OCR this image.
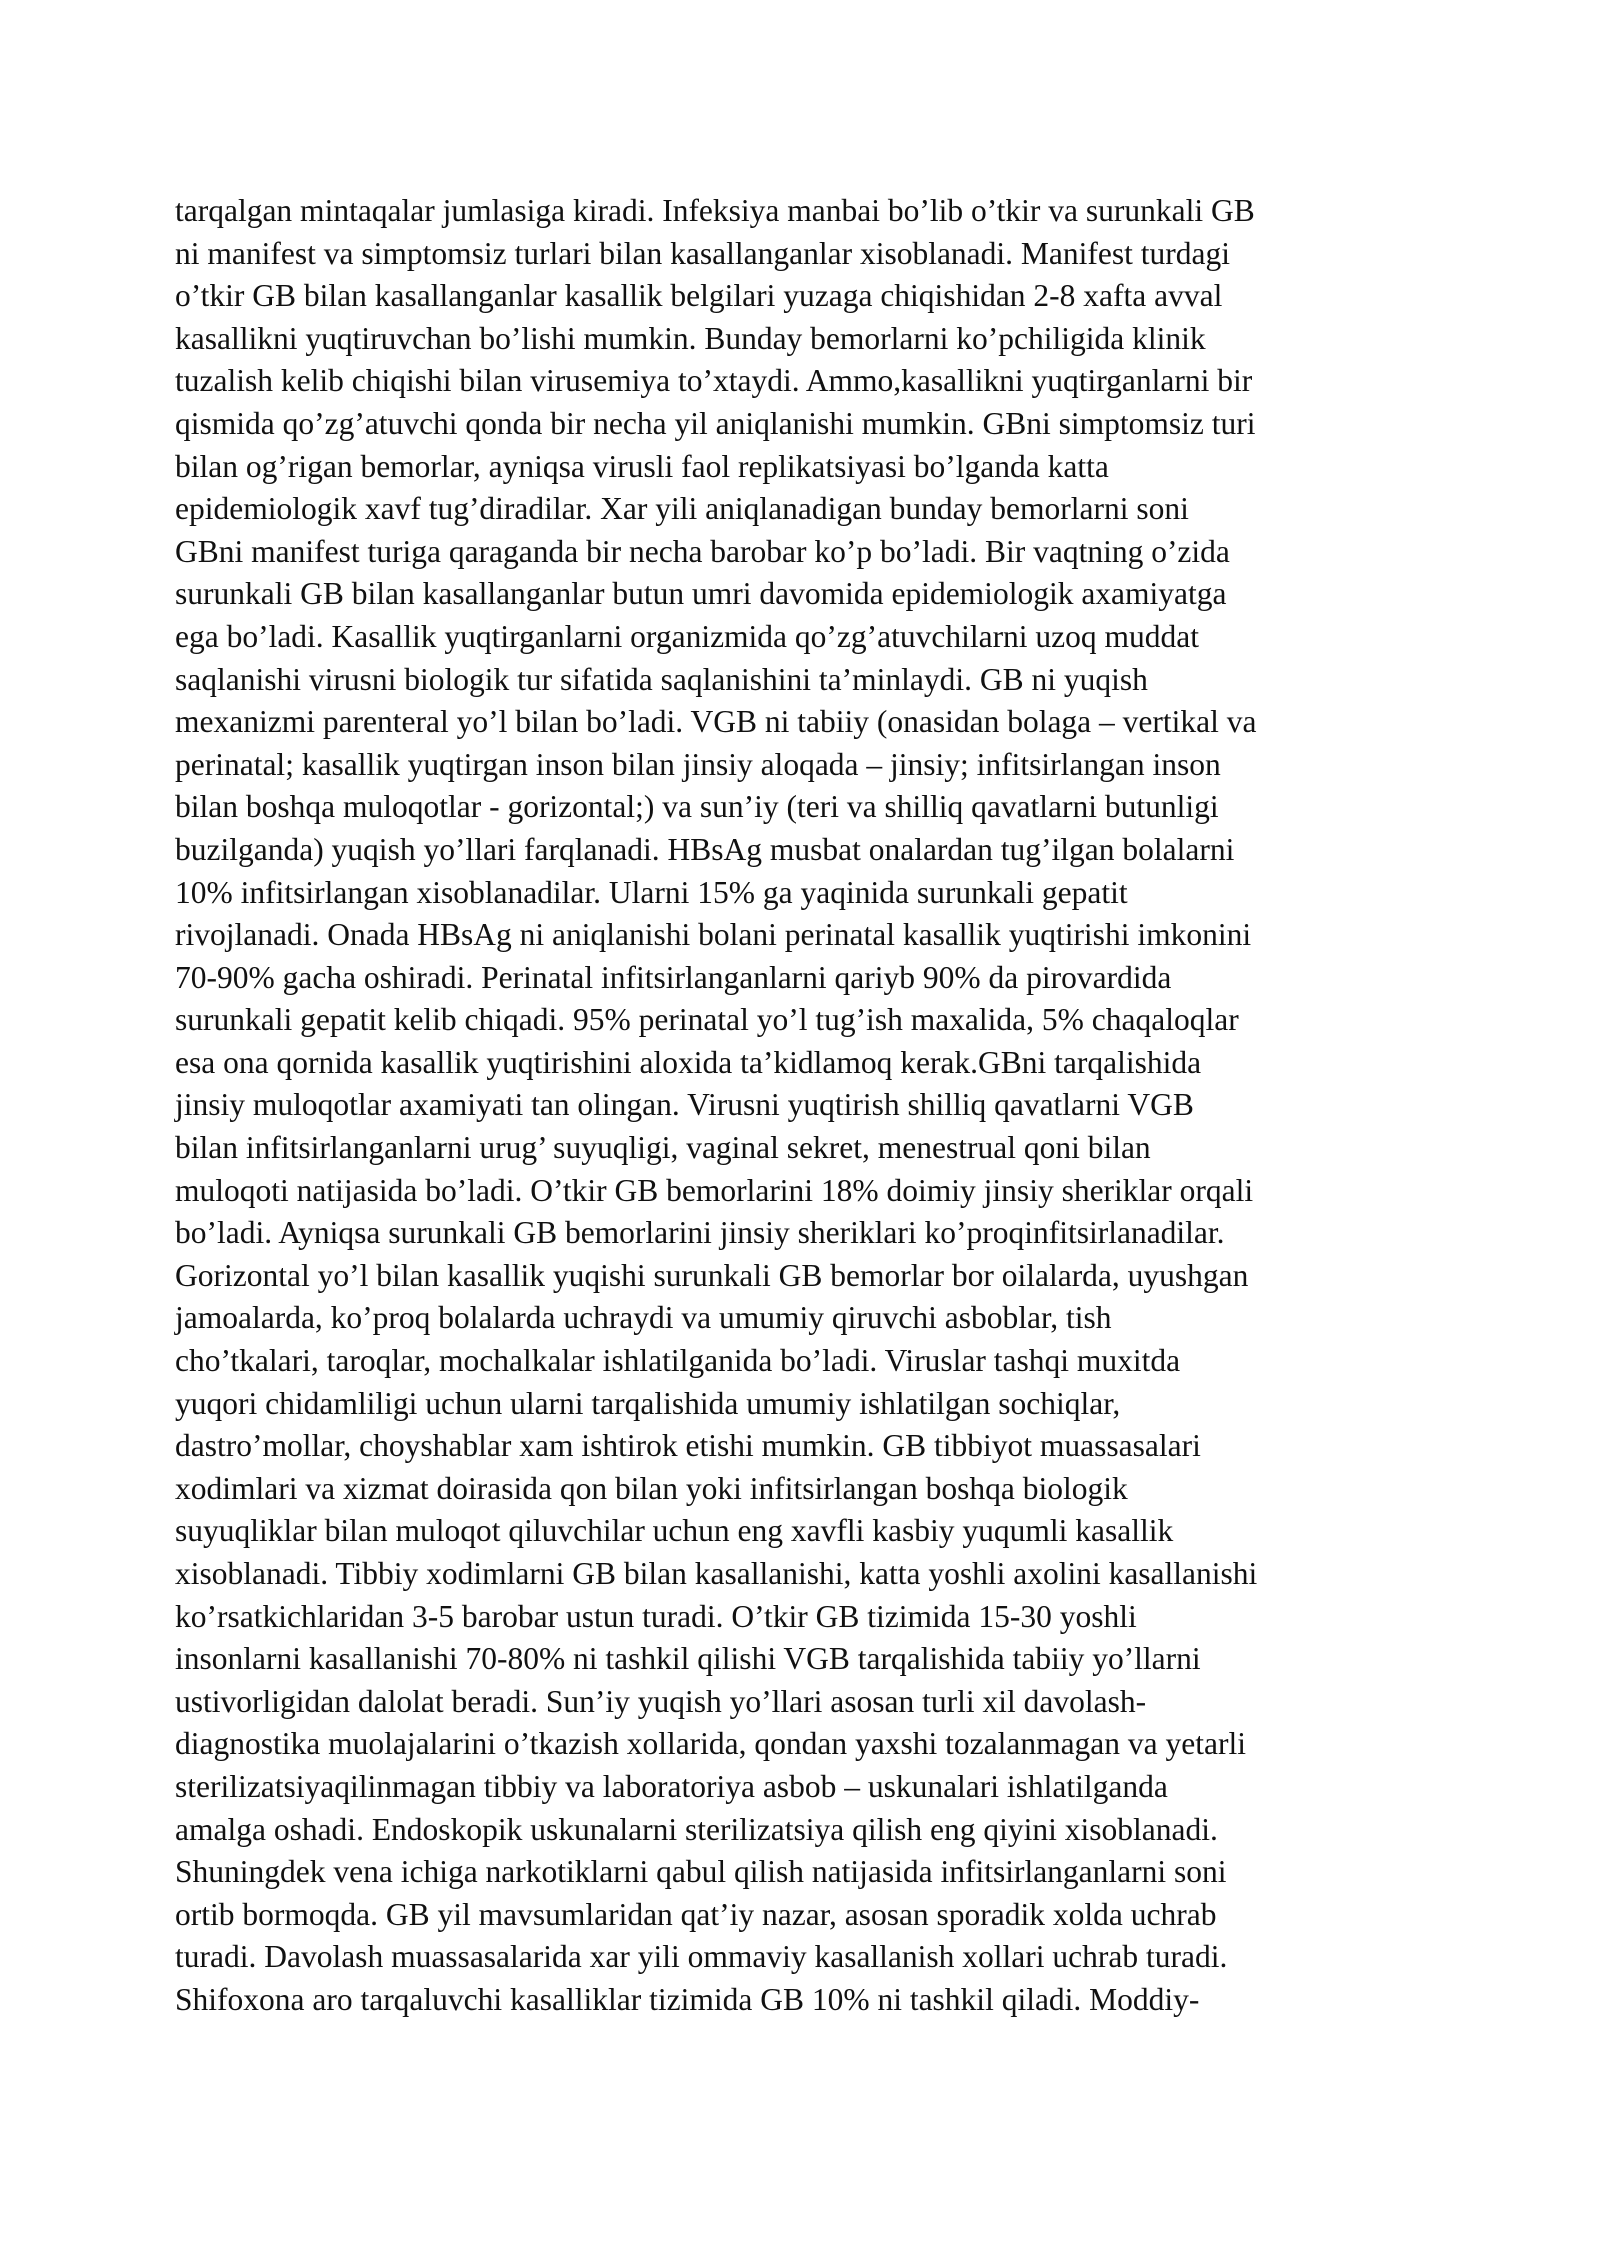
tarqalgan mintaqalar jumlasiga kiradi. Infeksiya manbai bo’lib o’tkir va surunkali GB
ni manifest va simptomsiz turlari bilan kasallanganlar xisoblanadi. Manifest turdagi
o’tkir GB bilan kasallanganlar kasallik belgilari yuzaga chiqishidan 2-8 xafta avval
kasallikni yuqtiruvchan bo’lishi mumkin. Bunday bemorlarni ko’pchiligida klinik
tuzalish kelib chiqishi bilan virusemiya to’xtaydi. Ammo,kasallikni yuqtirganlarni bir
qismida qo’zg’atuvchi qonda bir necha yil aniqlanishi mumkin. GBni simptomsiz turi
bilan og’rigan bemorlar, ayniqsa virusli faol replikatsiyasi bo’lganda katta
epidemiologik xavf tug’diradilar. Xar yili aniqlanadigan bunday bemorlarni soni
GBni manifest turiga qaraganda bir necha barobar ko’p bo’ladi. Bir vaqtning o’zida
surunkali GB bilan kasallanganlar butun umri davomida epidemiologik axamiyatga
ega bo’ladi. Kasallik yuqtirganlarni organizmida qo’zg’atuvchilarni uzoq muddat
saqlanishi virusni biologik tur sifatida saqlanishini ta’minlaydi. GB ni yuqish
mexanizmi parenteral yo’l bilan bo’ladi. VGB ni tabiiy (onasidan bolaga – vertikal va
perinatal; kasallik yuqtirgan inson bilan jinsiy aloqada – jinsiy; infitsirlangan inson
bilan boshqa muloqotlar - gorizontal;) va sun’iy (teri va shilliq qavatlarni butunligi
buzilganda) yuqish yo’llari farqlanadi. HBsAg musbat onalardan tug’ilgan bolalarni
10% infitsirlangan xisoblanadilar. Ularni 15% ga yaqinida surunkali gepatit
rivojlanadi. Onada HBsAg ni aniqlanishi bolani perinatal kasallik yuqtirishi imkonini
70-90% gacha oshiradi. Perinatal infitsirlanganlarni qariyb 90% da pirovardida
surunkali gepatit kelib chiqadi. 95% perinatal yo’l tug’ish maxalida, 5% chaqaloqlar
esa ona qornida kasallik yuqtirishini aloxida ta’kidlamoq kerak.GBni tarqalishida
jinsiy muloqotlar axamiyati tan olingan. Virusni yuqtirish shilliq qavatlarni VGB
bilan infitsirlanganlarni urug’ suyuqligi, vaginal sekret, menestrual qoni bilan
muloqoti natijasida bo’ladi. O’tkir GB bemorlarini 18% doimiy jinsiy sheriklar orqali
bo’ladi. Ayniqsa surunkali GB bemorlarini jinsiy sheriklari ko’proqinfitsirlanadilar.
Gorizontal yo’l bilan kasallik yuqishi surunkali GB bemorlar bor oilalarda, uyushgan
jamoalarda, ko’proq bolalarda uchraydi va umumiy qiruvchi asboblar, tish
cho’tkalari, taroqlar, mochalkalar ishlatilganida bo’ladi. Viruslar tashqi muxitda
yuqori chidamliligi uchun ularni tarqalishida umumiy ishlatilgan sochiqlar,
dastro’mollar, choyshablar xam ishtirok etishi mumkin. GB tibbiyot muassasalari
xodimlari va xizmat doirasida qon bilan yoki infitsirlangan boshqa biologik
suyuqliklar bilan muloqot qiluvchilar uchun eng xavfli kasbiy yuqumli kasallik
xisoblanadi. Tibbiy xodimlarni GB bilan kasallanishi, katta yoshli axolini kasallanishi
ko’rsatkichlaridan 3-5 barobar ustun turadi. O’tkir GB tizimida 15-30 yoshli
insonlarni kasallanishi 70-80% ni tashkil qilishi VGB tarqalishida tabiiy yo’llarni
ustivorligidan dalolat beradi. Sun’iy yuqish yo’llari asosan turli xil davolash-
diagnostika muolajalarini o’tkazish xollarida, qondan yaxshi tozalanmagan va yetarli
sterilizatsiyaqilinmagan tibbiy va laboratoriya asbob – uskunalari ishlatilganda
amalga oshadi. Endoskopik uskunalarni sterilizatsiya qilish eng qiyini xisoblanadi.
Shuningdek vena ichiga narkotiklarni qabul qilish natijasida infitsirlanganlarni soni
ortib bormoqda. GB yil mavsumlaridan qat’iy nazar, asosan sporadik xolda uchrab
turadi. Davolash muassasalarida xar yili ommaviy kasallanish xollari uchrab turadi.
Shifoxona aro tarqaluvchi kasalliklar tizimida GB 10% ni tashkil qiladi. Moddiy-
